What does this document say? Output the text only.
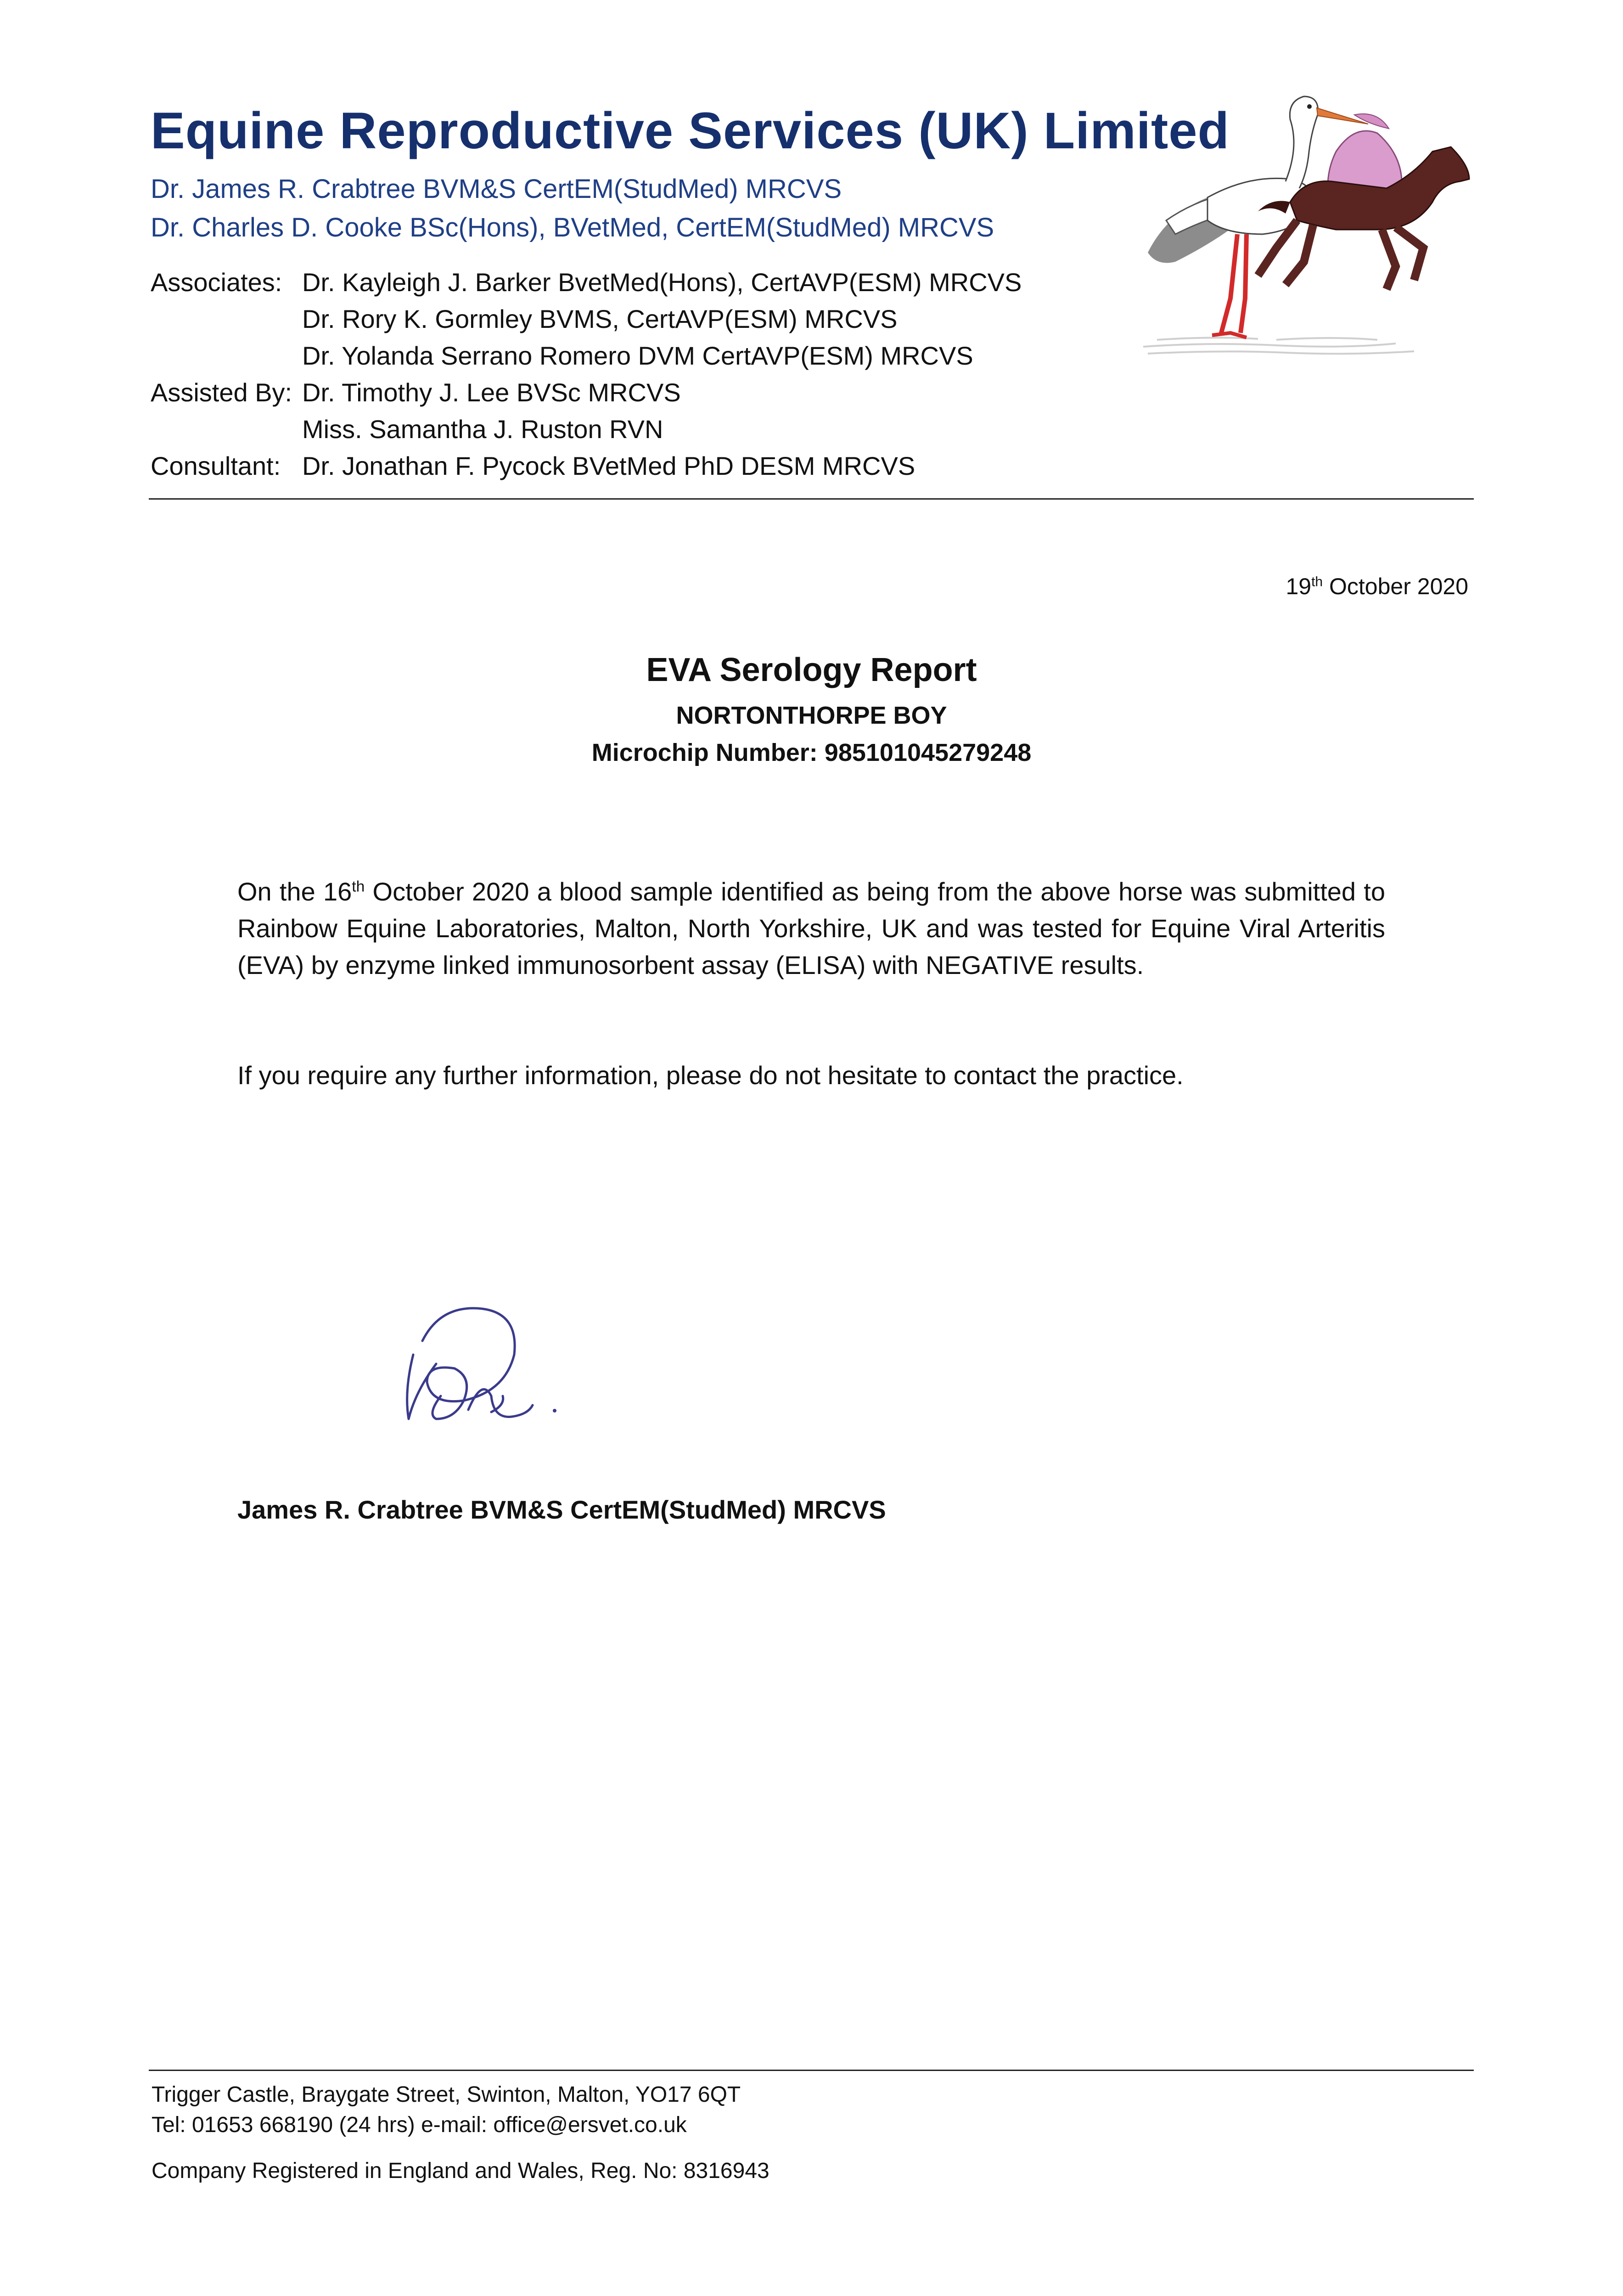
Equine Reproductive Services (UK) Limited
Dr. James R. Crabtree BVM&S CertEM(StudMed) MRCVS
Dr. Charles D. Cooke BSc(Hons), BVetMed, CertEM(StudMed) MRCVS
Associates: Dr. Kayleigh J. Barker BvetMed(Hons), CertAVP(ESM) MRCVS
Dr. Rory K. Gormley BVMS, CertAVP(ESM) MRCVS
Dr. Yolanda Serrano Romero DVM CertAVP(ESM) MRCVS
Assisted By: Dr. Timothy J. Lee BVSc MRCVS
Miss. Samantha J. Ruston RVN
Consultant: Dr. Jonathan F. Pycock BVetMed PhD DESM MRCVS
19th October 2020
EVA Serology Report
NORTONTHORPE BOY
Microchip Number: 985101045279248
On the 16th October 2020 a blood sample identified as being from the above horse was submitted to Rainbow Equine Laboratories, Malton, North Yorkshire, UK and was tested for Equine Viral Arteritis (EVA) by enzyme linked immunosorbent assay (ELISA) with NEGATIVE results.
If you require any further information, please do not hesitate to contact the practice.
James R. Crabtree BVM&S CertEM(StudMed) MRCVS
Trigger Castle, Braygate Street, Swinton, Malton, YO17 6QT
Tel: 01653 668190 (24 hrs) e-mail: office@ersvet.co.uk
Company Registered in England and Wales, Reg. No: 8316943
